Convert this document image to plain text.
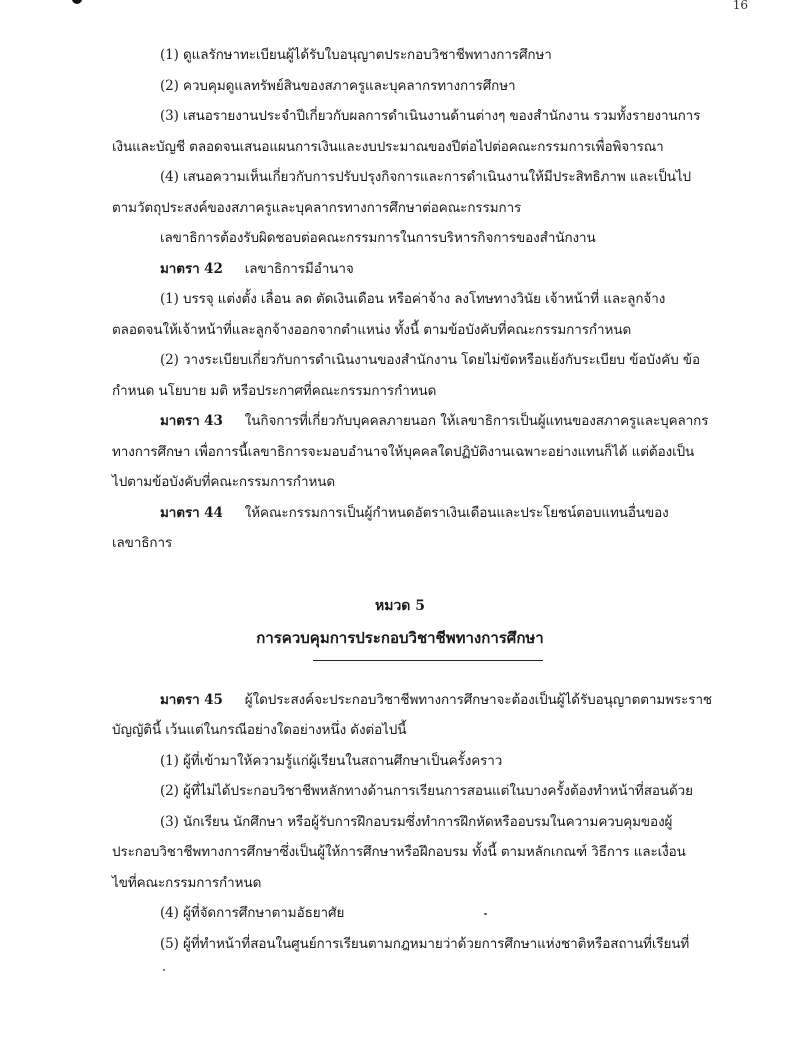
16
(1) ดูแลรักษาทะเบียนผู้ได้รับใบอนุญาตประกอบวิชาชีพทางการศึกษา
(2) ควบคุมดูแลทรัพย์สินของสภาครูและบุคลากรทางการศึกษา
(3) เสนอรายงานประจำปีเกี่ยวกับผลการดำเนินงานด้านต่างๆ ของสำนักงาน รวมทั้งรายงานการ
เงินและบัญชี ตลอดจนเสนอแผนการเงินและงบประมาณของปีต่อไปต่อคณะกรรมการเพื่อพิจารณา
(4) เสนอความเห็นเกี่ยวกับการปรับปรุงกิจการและการดำเนินงานให้มีประสิทธิภาพ และเป็นไป
ตามวัตถุประสงค์ของสภาครูและบุคลากรทางการศึกษาต่อคณะกรรมการ
เลขาธิการต้องรับผิดชอบต่อคณะกรรมการในการบริหารกิจการของสำนักงาน
มาตรา 42 เลขาธิการมีอำนาจ
(1) บรรจุ แต่งตั้ง เลื่อน ลด ตัดเงินเดือน หรือค่าจ้าง ลงโทษทางวินัย เจ้าหน้าที่ และลูกจ้าง
ตลอดจนให้เจ้าหน้าที่และลูกจ้างออกจากตำแหน่ง ทั้งนี้ ตามข้อบังคับที่คณะกรรมการกำหนด
(2) วางระเบียบเกี่ยวกับการดำเนินงานของสำนักงาน โดยไม่ขัดหรือแย้งกับระเบียบ ข้อบังคับ ข้อ
กำหนด นโยบาย มติ หรือประกาศที่คณะกรรมการกำหนด
มาตรา 43 ในกิจการที่เกี่ยวกับบุคคลภายนอก ให้เลขาธิการเป็นผู้แทนของสภาครูและบุคลากร
ทางการศึกษา เพื่อการนี้เลขาธิการจะมอบอำนาจให้บุคคลใดปฏิบัติงานเฉพาะอย่างแทนก็ได้ แต่ต้องเป็น
ไปตามข้อบังคับที่คณะกรรมการกำหนด
มาตรา 44 ให้คณะกรรมการเป็นผู้กำหนดอัตราเงินเดือนและประโยชน์ตอบแทนอื่นของ
เลขาธิการ
หมวด 5
การควบคุมการประกอบวิชาชีพทางการศึกษา
มาตรา 45 ผู้ใดประสงค์จะประกอบวิชาชีพทางการศึกษาจะต้องเป็นผู้ได้รับอนุญาตตามพระราช
บัญญัตินี้ เว้นแต่ในกรณีอย่างใดอย่างหนึ่ง ดังต่อไปนี้
(1) ผู้ที่เข้ามาให้ความรู้แก่ผู้เรียนในสถานศึกษาเป็นครั้งคราว
(2) ผู้ที่ไม่ได้ประกอบวิชาชีพหลักทางด้านการเรียนการสอนแต่ในบางครั้งต้องทำหน้าที่สอนด้วย
(3) นักเรียน นักศึกษา หรือผู้รับการฝึกอบรมซึ่งทำการฝึกหัดหรืออบรมในความควบคุมของผู้
ประกอบวิชาชีพทางการศึกษาซึ่งเป็นผู้ให้การศึกษาหรือฝึกอบรม ทั้งนี้ ตามหลักเกณฑ์ วิธีการ และเงื่อน
ไขที่คณะกรรมการกำหนด
(4) ผู้ที่จัดการศึกษาตามอัธยาศัย
(5) ผู้ที่ทำหน้าที่สอนในศูนย์การเรียนตามกฎหมายว่าด้วยการศึกษาแห่งชาติหรือสถานที่เรียนที่
